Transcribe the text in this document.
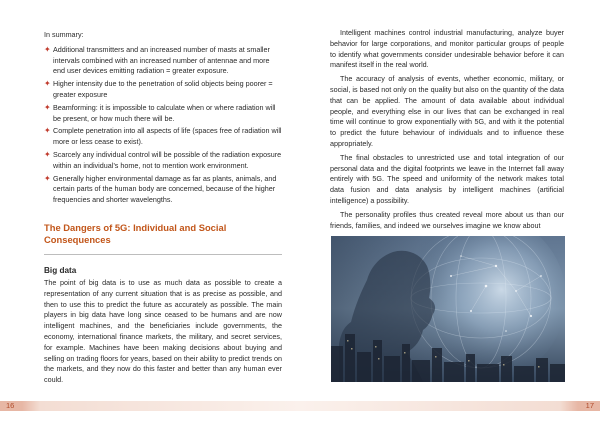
In summary:

✦ Additional transmitters and an increased number of masts at smaller intervals combined with an increased number of antennae and more end user devices emitting radiation = greater exposure.
✦ Higher intensity due to the penetration of solid objects being poorer = greater exposure
✦ Beamforming: it is impossible to calculate when or where radiation will be present, or how much there will be.
✦ Complete penetration into all aspects of life (spaces free of radiation will more or less cease to exist).
✦ Scarcely any individual control will be possible of the radiation exposure within an individual’s home, not to mention work environment.
✦ Generally higher environmental damage as far as plants, animals, and certain parts of the human body are concerned, because of the higher frequencies and shorter wavelengths.
The Dangers of 5G: Individual and Social Consequences
Big data

The point of big data is to use as much data as possible to create a representation of any current situation that is as precise as possible, and then to use this to predict the future as accurately as possible. The main players in big data have long since ceased to be humans and are now intelligent machines, and the beneficiaries include governments, the economy, international finance markets, the military, and secret services, for example. Machines have been making decisions about buying and selling on trading floors for years, based on their ability to predict trends on the markets, and they now do this faster and better than any human ever could.

Intelligent machines control industrial manufacturing, analyze buyer behavior for large corporations, and monitor particular groups of people to identify what governments consider undesirable behavior before it can manifest itself in the real world.

The accuracy of analysis of events, whether economic, military, or social, is based not only on the quality but also on the quantity of the data that can be applied. The amount of data available about individual people, and everything else in our lives that can be exchanged in real time will continue to grow exponentially with 5G, and with it the potential to predict the future behaviour of individuals and to influence these appropriately.

The final obstacles to unrestricted use and total integration of our personal data and the digital footprints we leave in the Internet fall away entirely with 5G. The speed and uniformity of the network makes total data fusion and data analysis by intelligent machines (artificial intelligence) a possibility.

The personality profiles thus created reveal more about us than our friends, families, and indeed we ourselves imagine we know about

16	17
